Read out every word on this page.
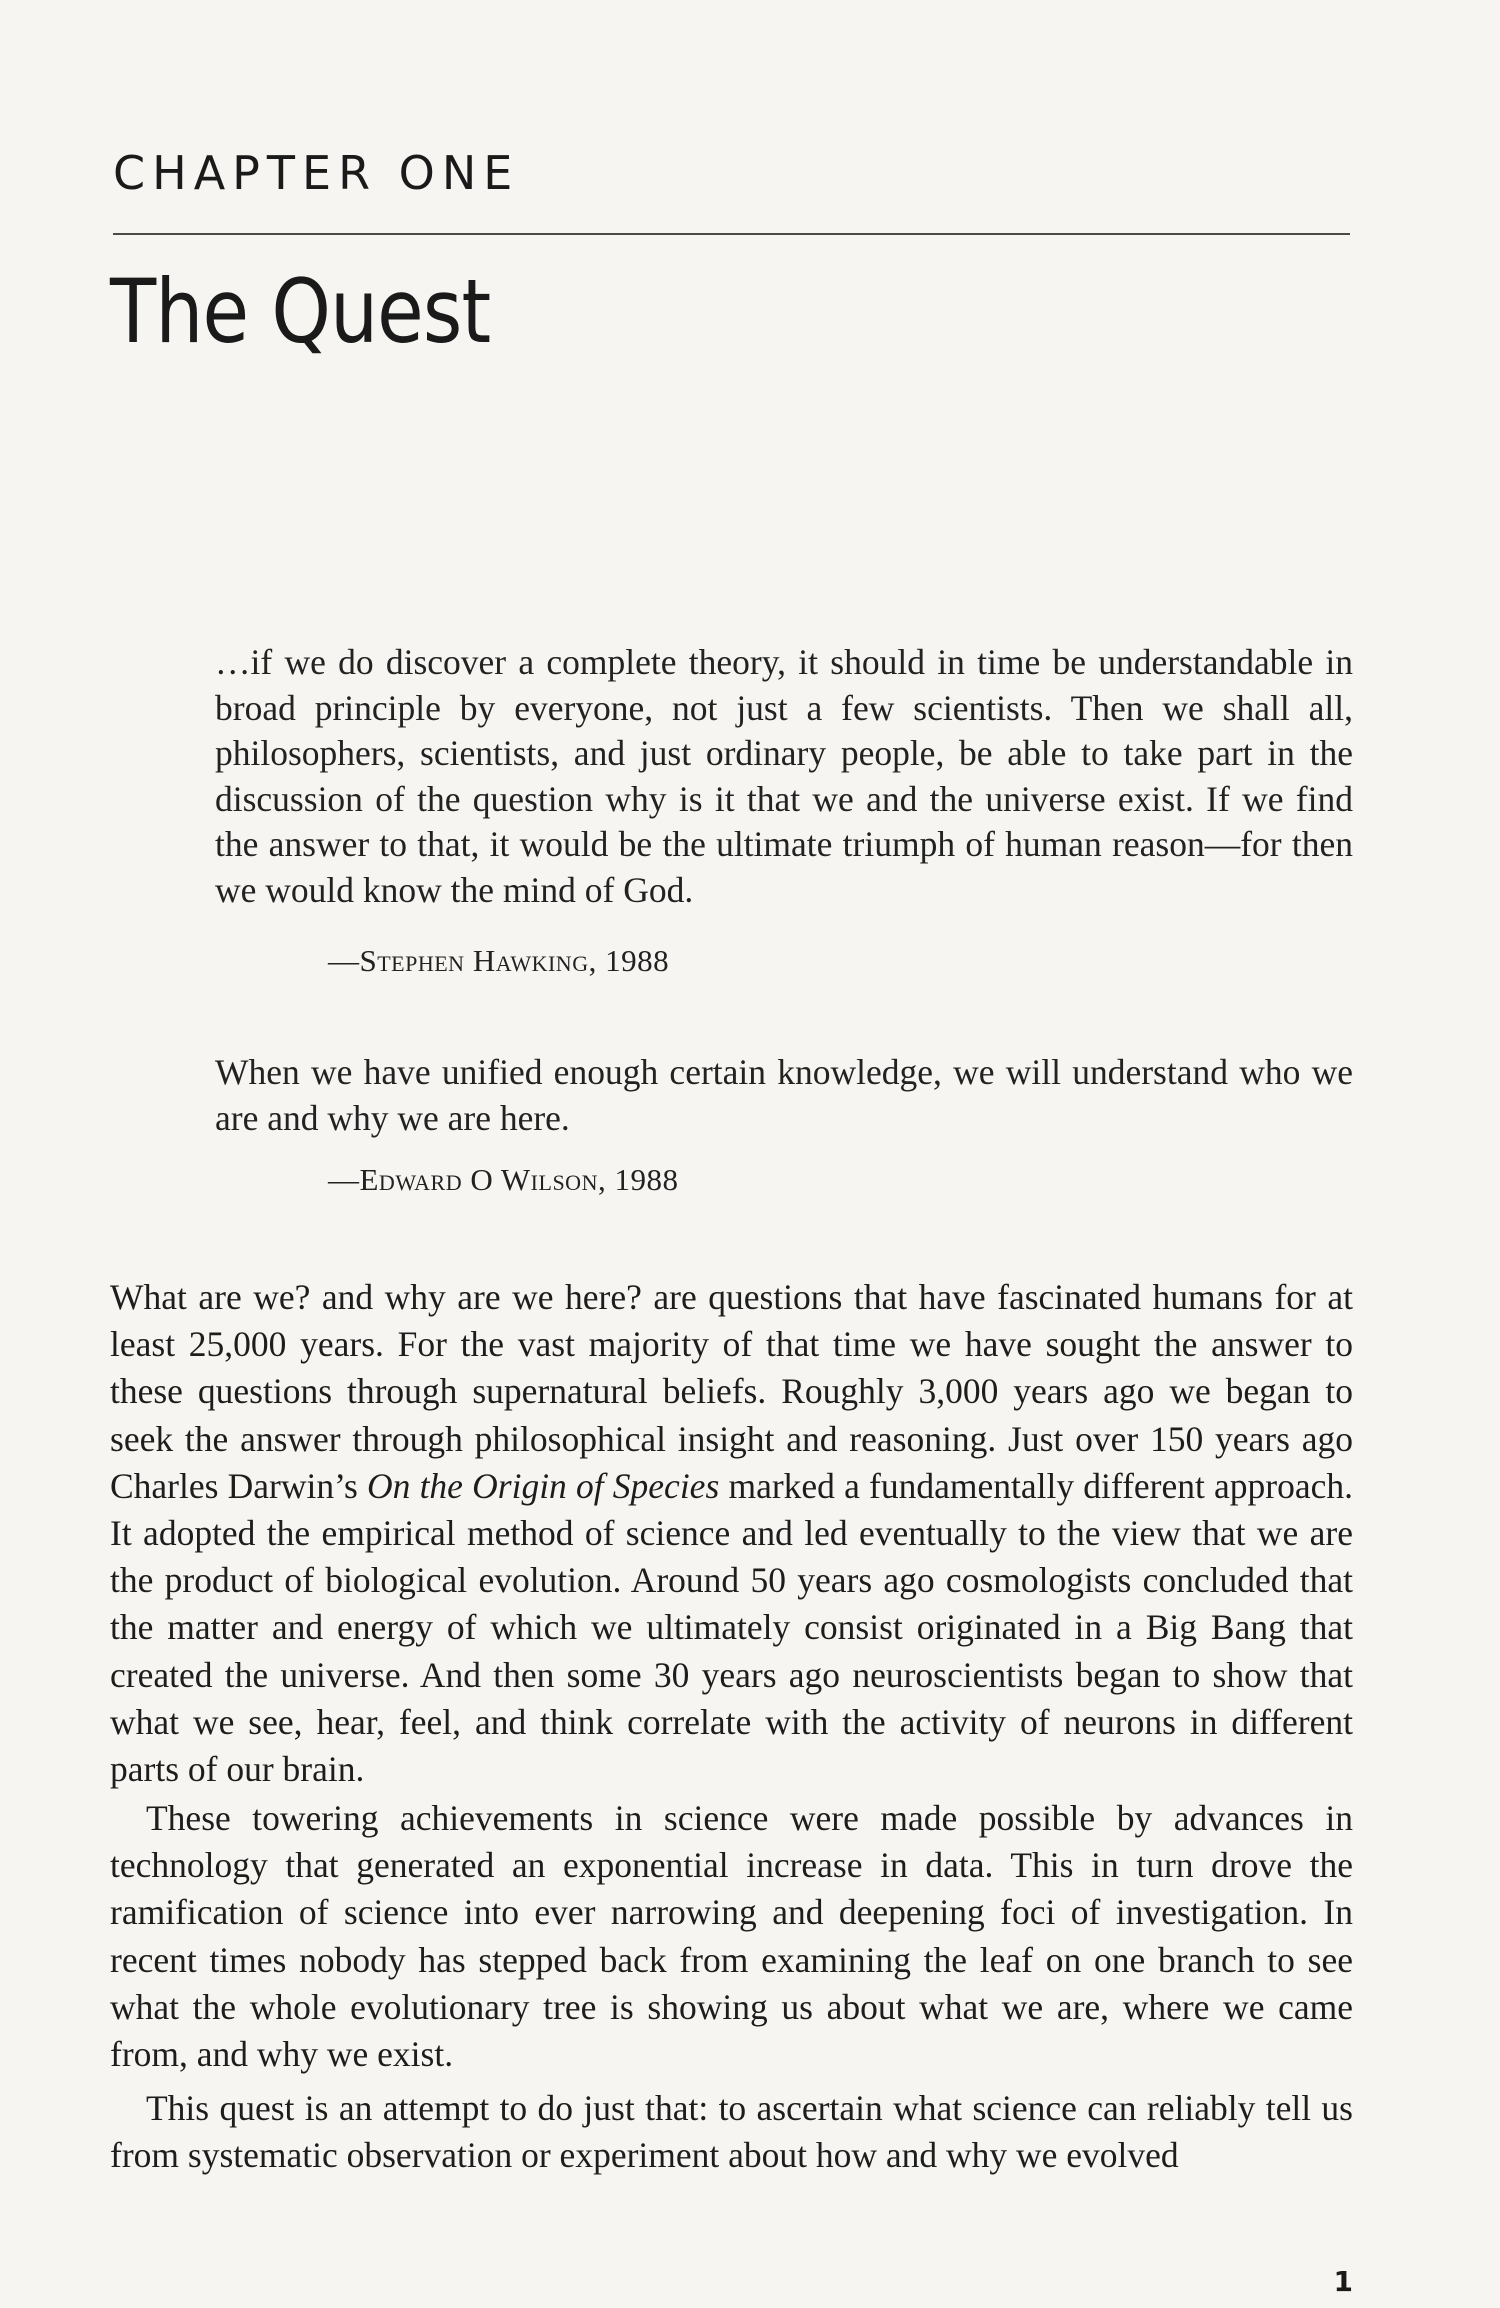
CHAPTER ONE
The Quest

…if we do discover a complete theory, it should in time be understandable in broad principle by everyone, not just a few scientists. Then we shall all, philosophers, scientists, and just ordinary people, be able to take part in the discussion of the question why is it that we and the universe exist. If we find the answer to that, it would be the ultimate triumph of human reason—for then we would know the mind of God.

—Stephen Hawking, 1988

When we have unified enough certain knowledge, we will understand who we are and why we are here.

—Edward O Wilson, 1988

What are we? and why are we here? are questions that have fascinated humans for at least 25,000 years. For the vast majority of that time we have sought the answer to these questions through supernatural beliefs. Roughly 3,000 years ago we began to seek the answer through philosophical insight and reasoning. Just over 150 years ago Charles Darwin’s On the Origin of Species marked a fundamentally different approach. It adopted the empirical method of science and led eventually to the view that we are the product of biological evolution. Around 50 years ago cosmologists concluded that the matter and energy of which we ultimately consist originated in a Big Bang that created the universe. And then some 30 years ago neuroscientists began to show that what we see, hear, feel, and think correlate with the activity of neurons in different parts of our brain.

These towering achievements in science were made possible by advances in technology that generated an exponential increase in data. This in turn drove the ramification of science into ever narrowing and deepening foci of investigation. In recent times nobody has stepped back from examining the leaf on one branch to see what the whole evolutionary tree is showing us about what we are, where we came from, and why we exist.

This quest is an attempt to do just that: to ascertain what science can reliably tell us from systematic observation or experiment about how and why we evolved

1
